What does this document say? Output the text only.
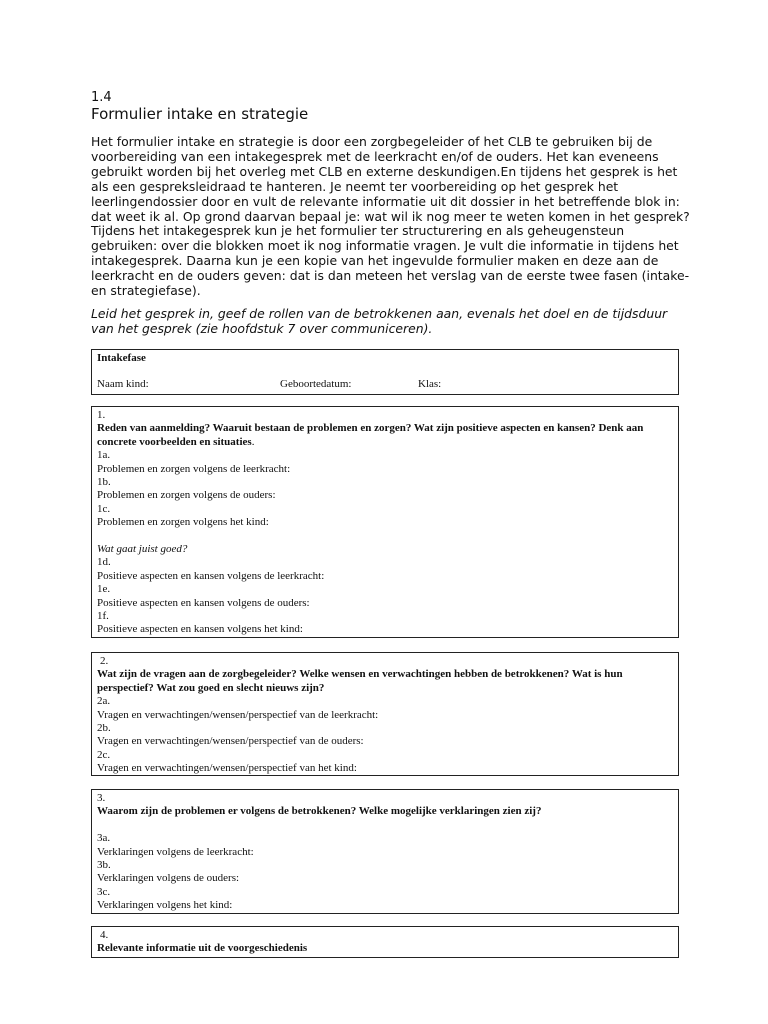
1.4
Formulier intake en strategie

Het formulier intake en strategie is door een zorgbegeleider of het CLB te gebruiken bij de voorbereiding van een intakegesprek met de leerkracht en/of de ouders. Het kan eveneens gebruikt worden bij het overleg met CLB en externe deskundigen.En tijdens het gesprek is het als een gespreksleidraad te hanteren. Je neemt ter voorbereiding op het gesprek het leerlingendossier door en vult de relevante informatie uit dit dossier in het betreffende blok in: dat weet ik al. Op grond daarvan bepaal je: wat wil ik nog meer te weten komen in het gesprek? Tijdens het intakegesprek kun je het formulier ter structurering en als geheugensteun gebruiken: over die blokken moet ik nog informatie vragen. Je vult die informatie in tijdens het intakegesprek. Daarna kun je een kopie van het ingevulde formulier maken en deze aan de leerkracht en de ouders geven: dat is dan meteen het verslag van de eerste twee fasen (intake- en strategiefase).

Leid het gesprek in, geef de rollen van de betrokkenen aan, evenals het doel en de tijdsduur van het gesprek (zie hoofdstuk 7 over communiceren).

Intakefase

Naam kind:	Geboortedatum:	Klas:

1.

Reden van aanmelding? Waaruit bestaan de problemen en zorgen? Wat zijn positieve aspecten en kansen? Denk aan concrete voorbeelden en situaties.

1a.

Problemen en zorgen volgens de leerkracht:

1b.

Problemen en zorgen volgens de ouders:

1c.

Problemen en zorgen volgens het kind:

Wat gaat juist goed?

1d.

Positieve aspecten en kansen volgens de leerkracht:

1e.

Positieve aspecten en kansen volgens de ouders:

1f.

Positieve aspecten en kansen volgens het kind:

2.

Wat zijn de vragen aan de zorgbegeleider? Welke wensen en verwachtingen hebben de betrokkenen? Wat is hun perspectief? Wat zou goed en slecht nieuws zijn?

2a.

Vragen en verwachtingen/wensen/perspectief van de leerkracht:

2b.

Vragen en verwachtingen/wensen/perspectief van de ouders:

2c.

Vragen en verwachtingen/wensen/perspectief van het kind:

3.

Waarom zijn de problemen er volgens de betrokkenen? Welke mogelijke verklaringen zien zij?

3a.

Verklaringen volgens de leerkracht:

3b.

Verklaringen volgens de ouders:

3c.

Verklaringen volgens het kind:

4.

Relevante informatie uit de voorgeschiedenis
